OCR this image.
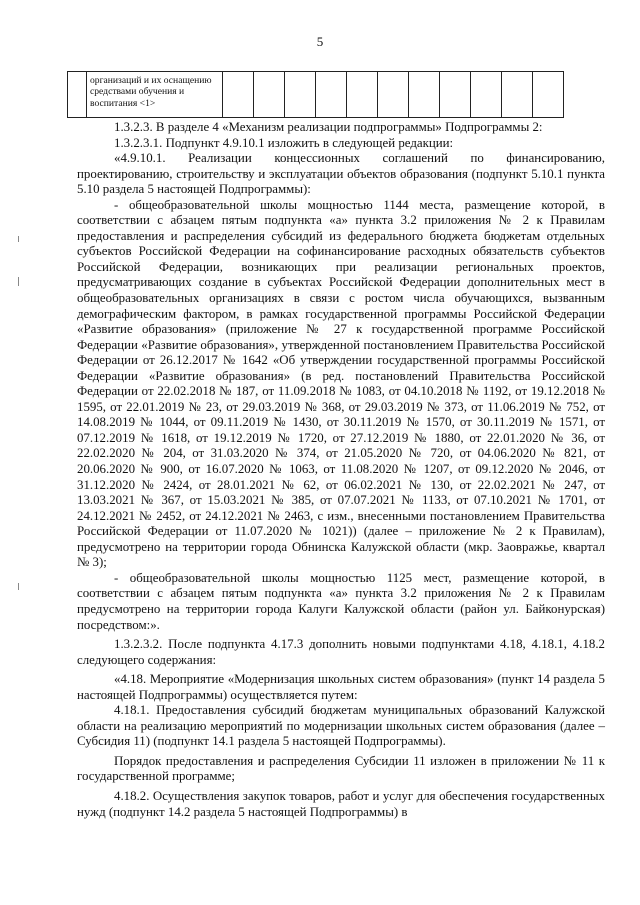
5
	организаций и их оснащению средствами обучения и воспитания <1>											

1.3.2.3. В разделе 4 «Механизм реализации подпрограммы» Подпрограммы 2:

1.3.2.3.1. Подпункт 4.9.10.1 изложить в следующей редакции:

«4.9.10.1. Реализации концессионных соглашений по финансированию, проектированию, строительству и эксплуатации объектов образования (подпункт 5.10.1 пункта 5.10 раздела 5 настоящей Подпрограммы):

- общеобразовательной школы мощностью 1144 места, размещение которой, в соответствии с абзацем пятым подпункта «а» пункта 3.2 приложения № 2 к Правилам предоставления и распределения субсидий из федерального бюджета бюджетам отдельных субъектов Российской Федерации на софинансирование расходных обязательств субъектов Российской Федерации, возникающих при реализации региональных проектов, предусматривающих создание в субъектах Российской Федерации дополнительных мест в общеобразовательных организациях в связи с ростом числа обучающихся, вызванным демографическим фактором, в рамках государственной программы Российской Федерации «Развитие образования» (приложение № 27 к государственной программе Российской Федерации «Развитие образования», утвержденной постановлением Правительства Российской Федерации от 26.12.2017 № 1642 «Об утверждении государственной программы Российской Федерации «Развитие образования» (в ред. постановлений Правительства Российской Федерации от 22.02.2018 № 187, от 11.09.2018 № 1083, от 04.10.2018 № 1192, от 19.12.2018 № 1595, от 22.01.2019 № 23, от 29.03.2019 № 368, от 29.03.2019 № 373, от 11.06.2019 № 752, от 14.08.2019 № 1044, от 09.11.2019 № 1430, от 30.11.2019 № 1570, от 30.11.2019 № 1571, от 07.12.2019 № 1618, от 19.12.2019 № 1720, от 27.12.2019 № 1880, от 22.01.2020 № 36, от 22.02.2020 № 204, от 31.03.2020 № 374, от 21.05.2020 № 720, от 04.06.2020 № 821, от 20.06.2020 № 900, от 16.07.2020 № 1063, от 11.08.2020 № 1207, от 09.12.2020 № 2046, от 31.12.2020 № 2424, от 28.01.2021 № 62, от 06.02.2021 № 130, от 22.02.2021 № 247, от 13.03.2021 № 367, от 15.03.2021 № 385, от 07.07.2021 № 1133, от 07.10.2021 № 1701, от 24.12.2021 № 2452, от 24.12.2021 № 2463, с изм., внесенными постановлением Правительства Российской Федерации от 11.07.2020 № 1021)) (далее – приложение № 2 к Правилам), предусмотрено на территории города Обнинска Калужской области (мкр. Заовражье, квартал № 3);

- общеобразовательной школы мощностью 1125 мест, размещение которой, в соответствии с абзацем пятым подпункта «а» пункта 3.2 приложения № 2 к Правилам предусмотрено на территории города Калуги Калужской области (район ул. Байконурская) посредством:».

1.3.2.3.2. После подпункта 4.17.3 дополнить новыми подпунктами 4.18, 4.18.1, 4.18.2 следующего содержания:

«4.18. Мероприятие «Модернизация школьных систем образования» (пункт 14 раздела 5 настоящей Подпрограммы) осуществляется путем:

4.18.1. Предоставления субсидий бюджетам муниципальных образований Калужской области на реализацию мероприятий по модернизации школьных систем образования (далее – Субсидия 11) (подпункт 14.1 раздела 5 настоящей Подпрограммы).

Порядок предоставления и распределения Субсидии 11 изложен в приложении № 11 к государственной программе;

4.18.2. Осуществления закупок товаров, работ и услуг для обеспечения государственных нужд (подпункт 14.2 раздела 5 настоящей Подпрограммы) в
